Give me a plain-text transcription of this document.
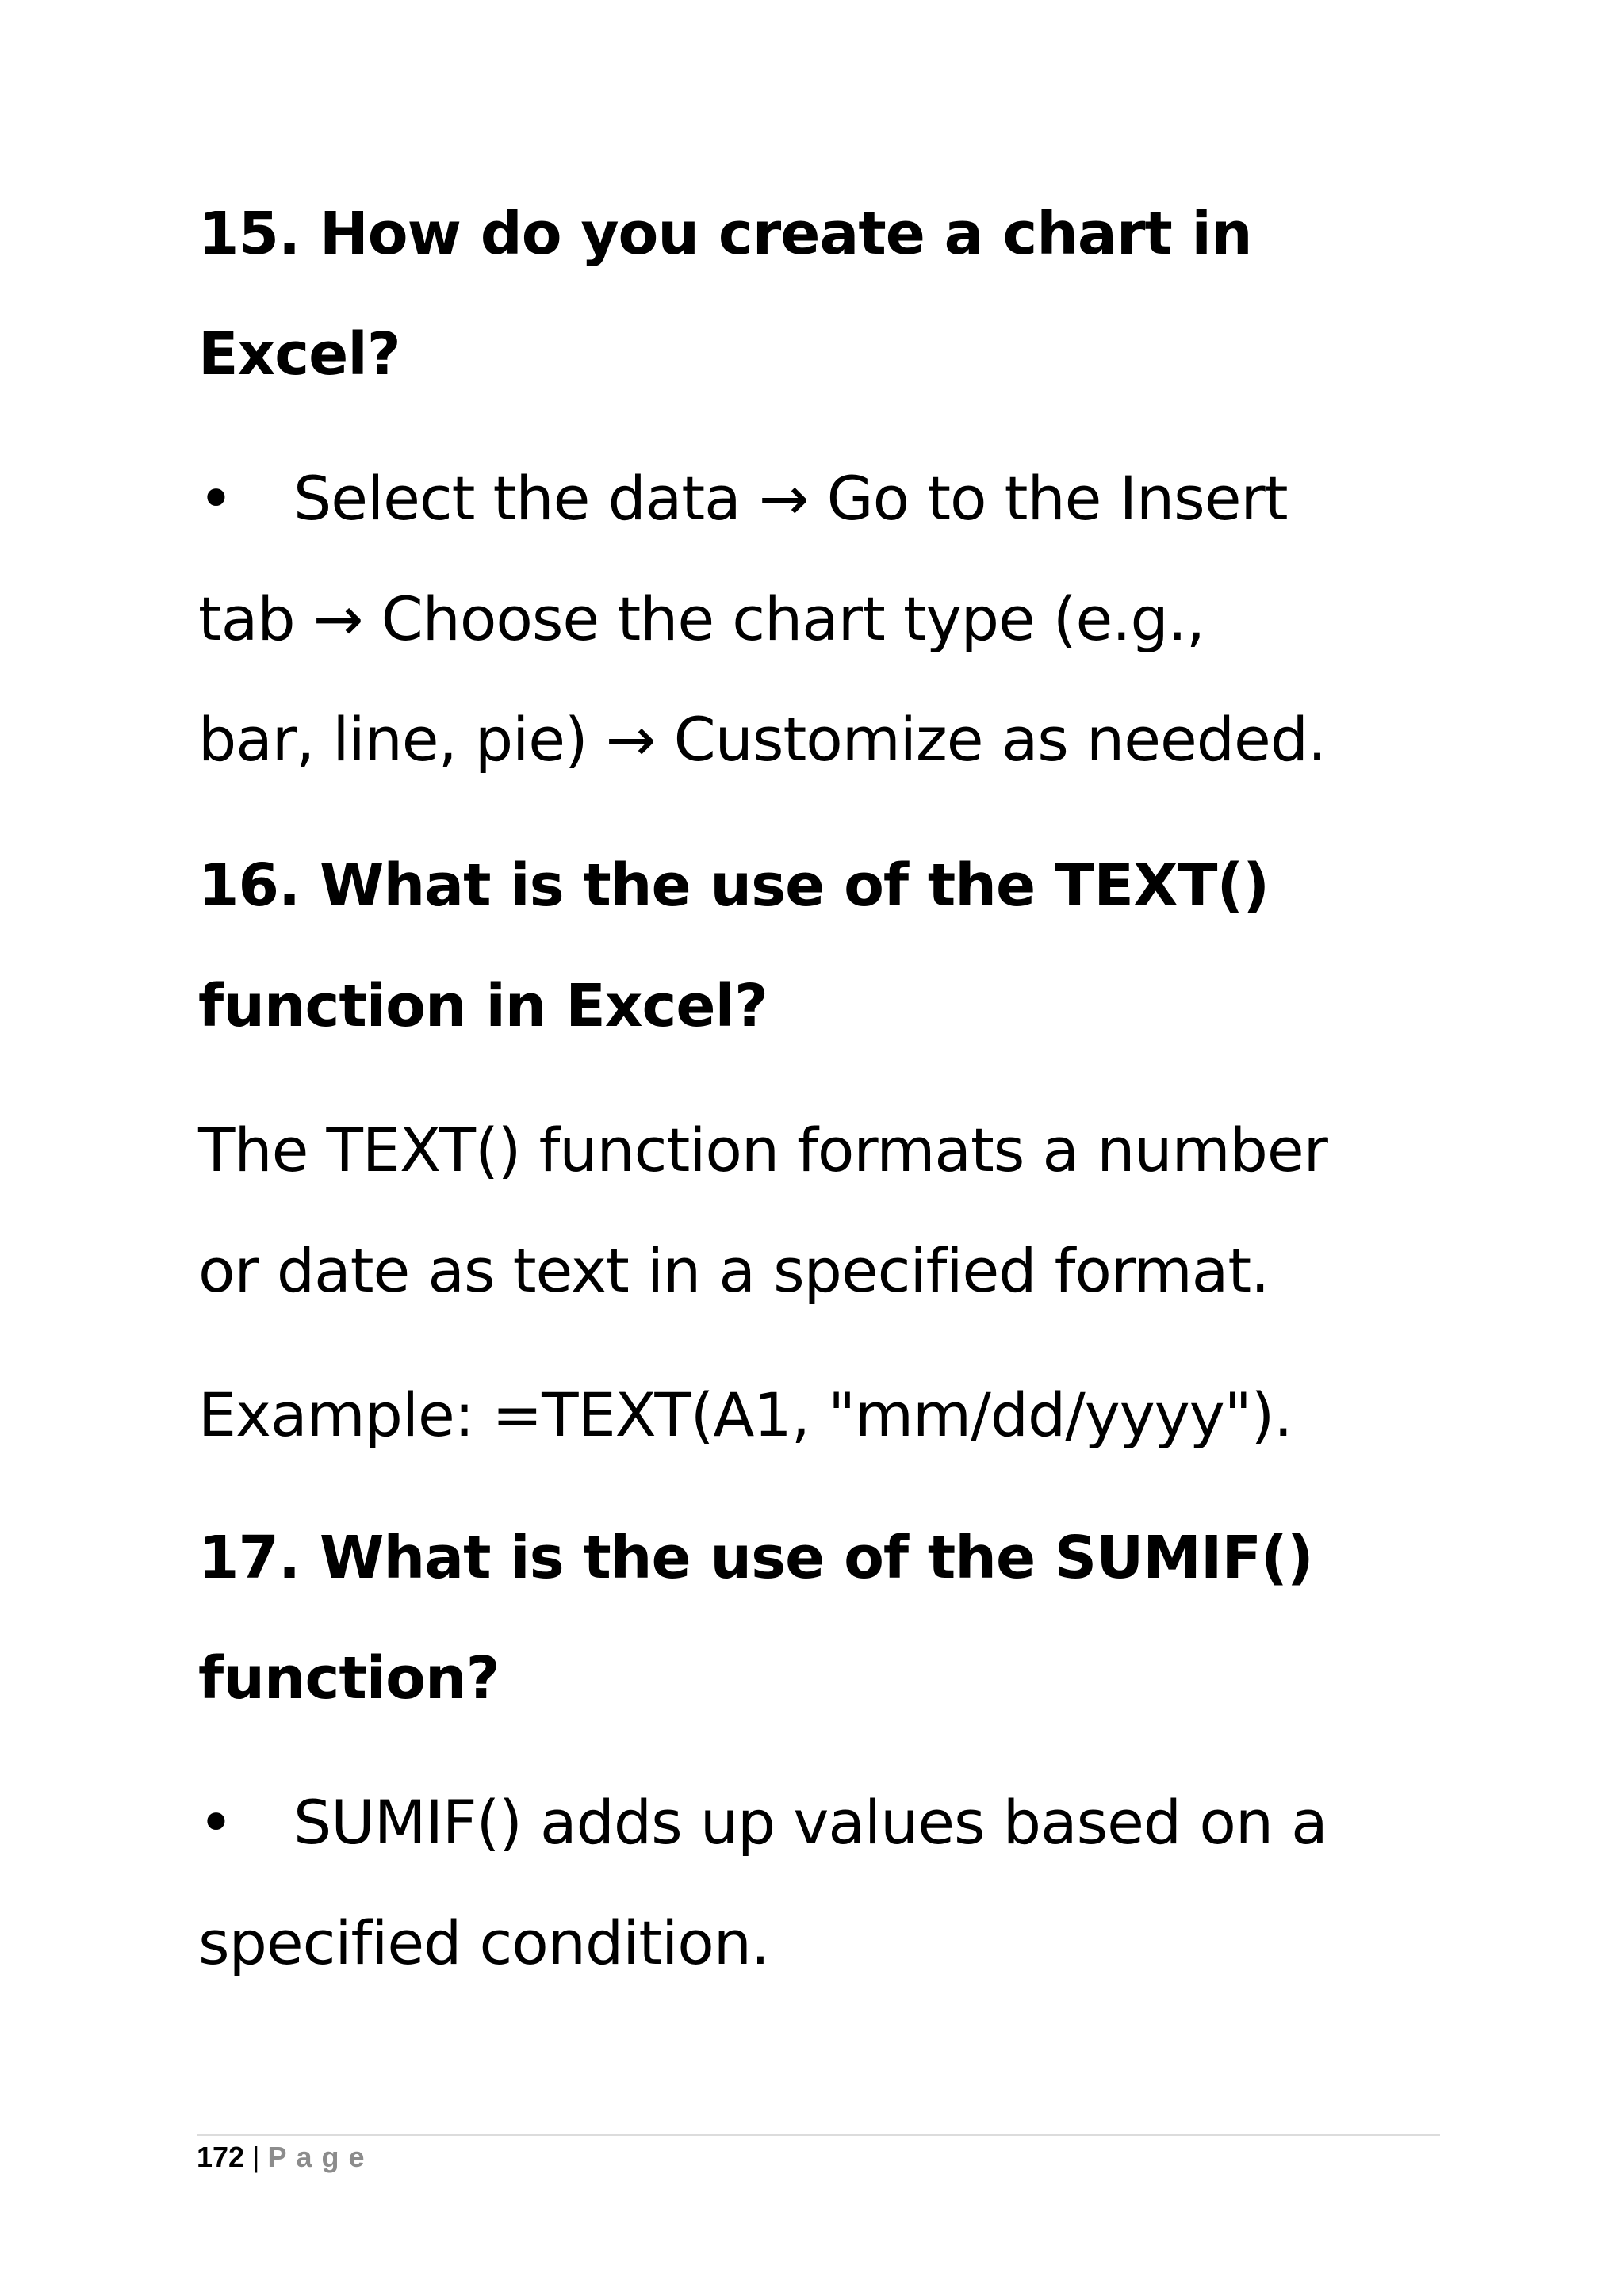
15. How do you create a chart in
Excel?
• Select the data → Go to the Insert
tab → Choose the chart type (e.g.,
bar, line, pie) → Customize as needed.
16. What is the use of the TEXT()
function in Excel?
The TEXT() function formats a number
or date as text in a specified format.
Example: =TEXT(A1, "mm/dd/yyyy").
17. What is the use of the SUMIF()
function?
• SUMIF() adds up values based on a
specified condition.
172 | Page
